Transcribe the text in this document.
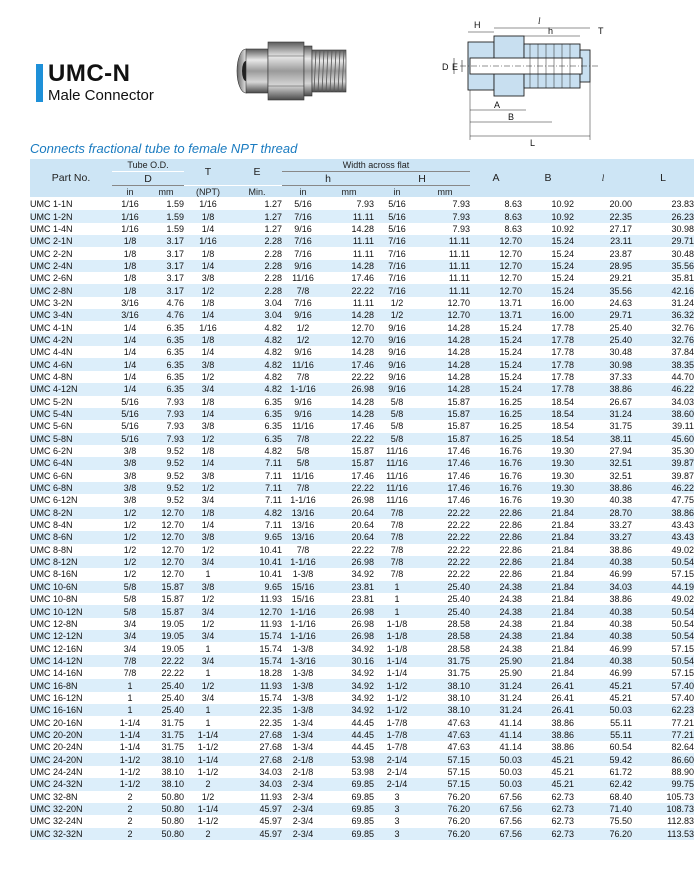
UMC-N
Male Connector
H	l
h	T
D E
A
B
L
Connects fractional tube to female NPT thread
Part No.	Tube O.D.		T	E	Width across flat				A	B	l	L
	D				h		H					
	in	mm	(NPT)	Min.	in	mm	in	mm				
UMC 1-1N	1/16	1.59	1/16	1.27	5/16	7.93	5/16	7.93	8.63	10.92	20.00	23.83
UMC 1-2N	1/16	1.59	1/8	1.27	7/16	11.11	5/16	7.93	8.63	10.92	22.35	26.23
UMC 1-4N	1/16	1.59	1/4	1.27	9/16	14.28	5/16	7.93	8.63	10.92	27.17	30.98
UMC 2-1N	1/8	3.17	1/16	2.28	7/16	11.11	7/16	11.11	12.70	15.24	23.11	29.71
UMC 2-2N	1/8	3.17	1/8	2.28	7/16	11.11	7/16	11.11	12.70	15.24	23.87	30.48
UMC 2-4N	1/8	3.17	1/4	2.28	9/16	14.28	7/16	11.11	12.70	15.24	28.95	35.56
UMC 2-6N	1/8	3.17	3/8	2.28	11/16	17.46	7/16	11.11	12.70	15.24	29.21	35.81
UMC 2-8N	1/8	3.17	1/2	2.28	7/8	22.22	7/16	11.11	12.70	15.24	35.56	42.16
UMC 3-2N	3/16	4.76	1/8	3.04	7/16	11.11	1/2	12.70	13.71	16.00	24.63	31.24
UMC 3-4N	3/16	4.76	1/4	3.04	9/16	14.28	1/2	12.70	13.71	16.00	29.71	36.32
UMC 4-1N	1/4	6.35	1/16	4.82	1/2	12.70	9/16	14.28	15.24	17.78	25.40	32.76
UMC 4-2N	1/4	6.35	1/8	4.82	1/2	12.70	9/16	14.28	15.24	17.78	25.40	32.76
UMC 4-4N	1/4	6.35	1/4	4.82	9/16	14.28	9/16	14.28	15.24	17.78	30.48	37.84
UMC 4-6N	1/4	6.35	3/8	4.82	11/16	17.46	9/16	14.28	15.24	17.78	30.98	38.35
UMC 4-8N	1/4	6.35	1/2	4.82	7/8	22.22	9/16	14.28	15.24	17.78	37.33	44.70
UMC 4-12N	1/4	6.35	3/4	4.82	1-1/16	26.98	9/16	14.28	15.24	17.78	38.86	46.22
UMC 5-2N	5/16	7.93	1/8	6.35	9/16	14.28	5/8	15.87	16.25	18.54	26.67	34.03
UMC 5-4N	5/16	7.93	1/4	6.35	9/16	14.28	5/8	15.87	16.25	18.54	31.24	38.60
UMC 5-6N	5/16	7.93	3/8	6.35	11/16	17.46	5/8	15.87	16.25	18.54	31.75	39.11
UMC 5-8N	5/16	7.93	1/2	6.35	7/8	22.22	5/8	15.87	16.25	18.54	38.11	45.60
UMC 6-2N	3/8	9.52	1/8	4.82	5/8	15.87	11/16	17.46	16.76	19.30	27.94	35.30
UMC 6-4N	3/8	9.52	1/4	7.11	5/8	15.87	11/16	17.46	16.76	19.30	32.51	39.87
UMC 6-6N	3/8	9.52	3/8	7.11	11/16	17.46	11/16	17.46	16.76	19.30	32.51	39.87
UMC 6-8N	3/8	9.52	1/2	7.11	7/8	22.22	11/16	17.46	16.76	19.30	38.86	46.22
UMC 6-12N	3/8	9.52	3/4	7.11	1-1/16	26.98	11/16	17.46	16.76	19.30	40.38	47.75
UMC 8-2N	1/2	12.70	1/8	4.82	13/16	20.64	7/8	22.22	22.86	21.84	28.70	38.86
UMC 8-4N	1/2	12.70	1/4	7.11	13/16	20.64	7/8	22.22	22.86	21.84	33.27	43.43
UMC 8-6N	1/2	12.70	3/8	9.65	13/16	20.64	7/8	22.22	22.86	21.84	33.27	43.43
UMC 8-8N	1/2	12.70	1/2	10.41	7/8	22.22	7/8	22.22	22.86	21.84	38.86	49.02
UMC 8-12N	1/2	12.70	3/4	10.41	1-1/16	26.98	7/8	22.22	22.86	21.84	40.38	50.54
UMC 8-16N	1/2	12.70	1	10.41	1-3/8	34.92	7/8	22.22	22.86	21.84	46.99	57.15
UMC 10-6N	5/8	15.87	3/8	9.65	15/16	23.81	1	25.40	24.38	21.84	34.03	44.19
UMC 10-8N	5/8	15.87	1/2	11.93	15/16	23.81	1	25.40	24.38	21.84	38.86	49.02
UMC 10-12N	5/8	15.87	3/4	12.70	1-1/16	26.98	1	25.40	24.38	21.84	40.38	50.54
UMC 12-8N	3/4	19.05	1/2	11.93	1-1/16	26.98	1-1/8	28.58	24.38	21.84	40.38	50.54
UMC 12-12N	3/4	19.05	3/4	15.74	1-1/16	26.98	1-1/8	28.58	24.38	21.84	40.38	50.54
UMC 12-16N	3/4	19.05	1	15.74	1-3/8	34.92	1-1/8	28.58	24.38	21.84	46.99	57.15
UMC 14-12N	7/8	22.22	3/4	15.74	1-3/16	30.16	1-1/4	31.75	25.90	21.84	40.38	50.54
UMC 14-16N	7/8	22.22	1	18.28	1-3/8	34.92	1-1/4	31.75	25.90	21.84	46.99	57.15
UMC 16-8N	1	25.40	1/2	11.93	1-3/8	34.92	1-1/2	38.10	31.24	26.41	45.21	57.40
UMC 16-12N	1	25.40	3/4	15.74	1-3/8	34.92	1-1/2	38.10	31.24	26.41	45.21	57.40
UMC 16-16N	1	25.40	1	22.35	1-3/8	34.92	1-1/2	38.10	31.24	26.41	50.03	62.23
UMC 20-16N	1-1/4	31.75	1	22.35	1-3/4	44.45	1-7/8	47.63	41.14	38.86	55.11	77.21
UMC 20-20N	1-1/4	31.75	1-1/4	27.68	1-3/4	44.45	1-7/8	47.63	41.14	38.86	55.11	77.21
UMC 20-24N	1-1/4	31.75	1-1/2	27.68	1-3/4	44.45	1-7/8	47.63	41.14	38.86	60.54	82.64
UMC 24-20N	1-1/2	38.10	1-1/4	27.68	2-1/8	53.98	2-1/4	57.15	50.03	45.21	59.42	86.60
UMC 24-24N	1-1/2	38.10	1-1/2	34.03	2-1/8	53.98	2-1/4	57.15	50.03	45.21	61.72	88.90
UMC 24-32N	1-1/2	38.10	2	34.03	2-3/4	69.85	2-1/4	57.15	50.03	45.21	62.42	99.75
UMC 32-8N	2	50.80	1/2	11.93	2-3/4	69.85	3	76.20	67.56	62.73	68.40	105.73
UMC 32-20N	2	50.80	1-1/4	45.97	2-3/4	69.85	3	76.20	67.56	62.73	71.40	108.73
UMC 32-24N	2	50.80	1-1/2	45.97	2-3/4	69.85	3	76.20	67.56	62.73	75.50	112.83
UMC 32-32N	2	50.80	2	45.97	2-3/4	69.85	3	76.20	67.56	62.73	76.20	113.53
